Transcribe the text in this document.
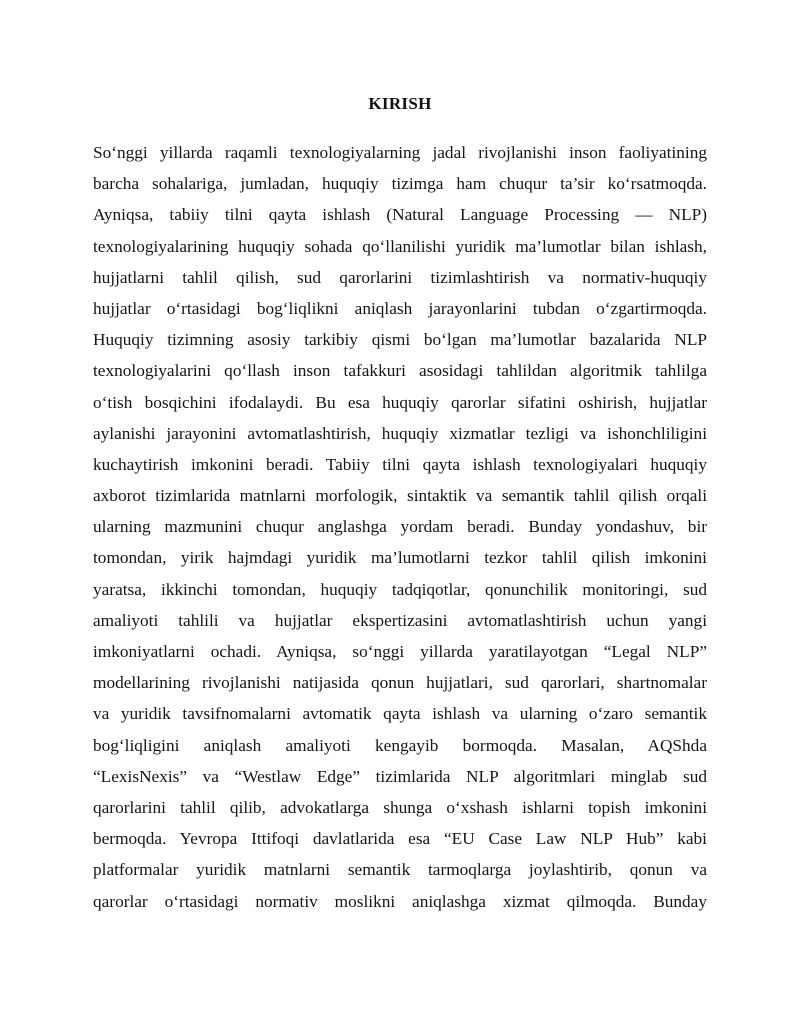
KIRISH
So‘nggi yillarda raqamli texnologiyalarning jadal rivojlanishi inson faoliyatining
barcha sohalariga, jumladan, huquqiy tizimga ham chuqur ta’sir ko‘rsatmoqda.
Ayniqsa, tabiiy tilni qayta ishlash (Natural Language Processing — NLP)
texnologiyalarining huquqiy sohada qo‘llanilishi yuridik ma’lumotlar bilan ishlash,
hujjatlarni tahlil qilish, sud qarorlarini tizimlashtirish va normativ-huquqiy
hujjatlar o‘rtasidagi bog‘liqlikni aniqlash jarayonlarini tubdan o‘zgartirmoqda.
Huquqiy tizimning asosiy tarkibiy qismi bo‘lgan ma’lumotlar bazalarida NLP
texnologiyalarini qo‘llash inson tafakkuri asosidagi tahlildan algoritmik tahlilga
o‘tish bosqichini ifodalaydi. Bu esa huquqiy qarorlar sifatini oshirish, hujjatlar
aylanishi jarayonini avtomatlashtirish, huquqiy xizmatlar tezligi va ishonchliligini
kuchaytirish imkonini beradi. Tabiiy tilni qayta ishlash texnologiyalari huquqiy
axborot tizimlarida matnlarni morfologik, sintaktik va semantik tahlil qilish orqali
ularning mazmunini chuqur anglashga yordam beradi. Bunday yondashuv, bir
tomondan, yirik hajmdagi yuridik ma’lumotlarni tezkor tahlil qilish imkonini
yaratsa, ikkinchi tomondan, huquqiy tadqiqotlar, qonunchilik monitoringi, sud
amaliyoti tahlili va hujjatlar ekspertizasini avtomatlashtirish uchun yangi
imkoniyatlarni ochadi. Ayniqsa, so‘nggi yillarda yaratilayotgan “Legal NLP”
modellarining rivojlanishi natijasida qonun hujjatlari, sud qarorlari, shartnomalar
va yuridik tavsifnomalarni avtomatik qayta ishlash va ularning o‘zaro semantik
bog‘liqligini aniqlash amaliyoti kengayib bormoqda. Masalan, AQShda
“LexisNexis” va “Westlaw Edge” tizimlarida NLP algoritmlari minglab sud
qarorlarini tahlil qilib, advokatlarga shunga o‘xshash ishlarni topish imkonini
bermoqda. Yevropa Ittifoqi davlatlarida esa “EU Case Law NLP Hub” kabi
platformalar yuridik matnlarni semantik tarmoqlarga joylashtirib, qonun va
qarorlar o‘rtasidagi normativ moslikni aniqlashga xizmat qilmoqda. Bunday
